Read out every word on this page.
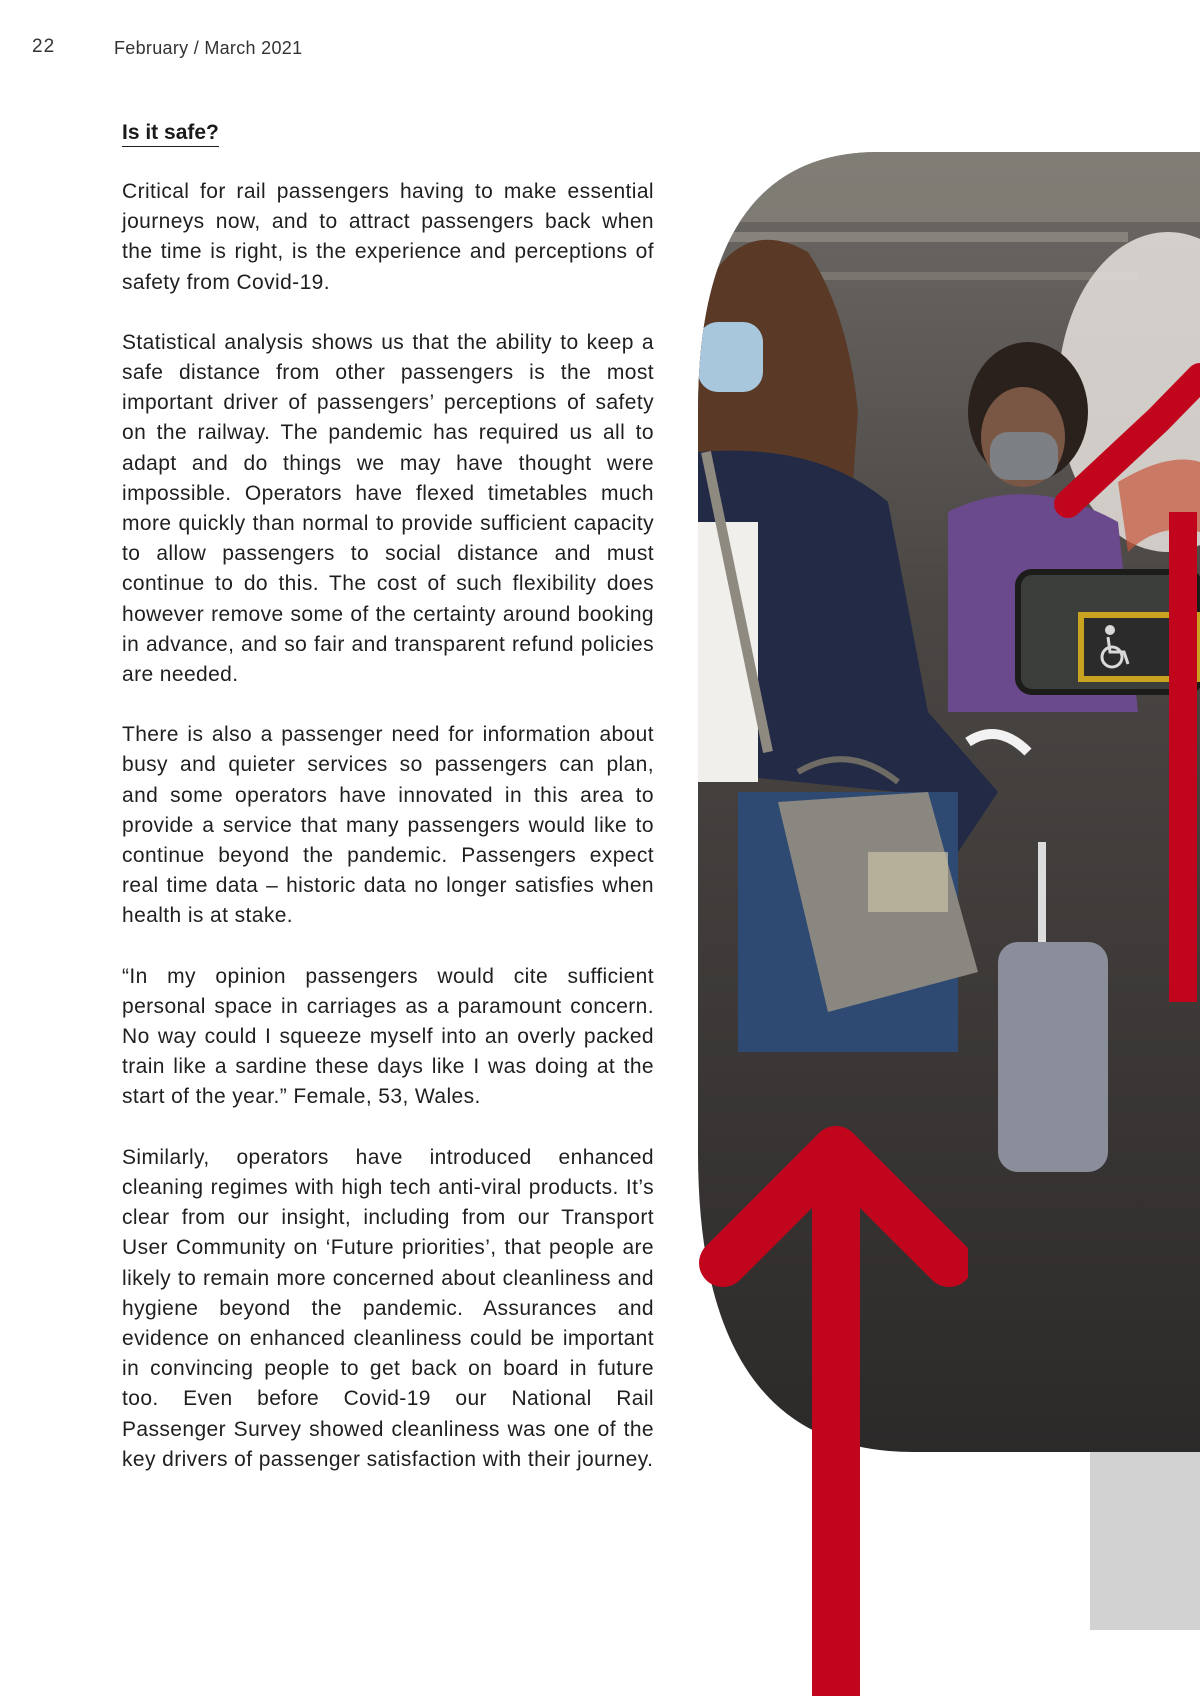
22	February / March 2021
Is it safe?

Critical for rail passengers having to make essential journeys now, and to attract passengers back when the time is right, is the experience and perceptions of safety from Covid-19.

Statistical analysis shows us that the ability to keep a safe distance from other passengers is the most important driver of passengers’ perceptions of safety on the railway. The pandemic has required us all to adapt and do things we may have thought were impossible. Operators have flexed timetables much more quickly than normal to provide sufficient capacity to allow passengers to social distance and must continue to do this. The cost of such flexibility does however remove some of the certainty around booking in advance, and so fair and transparent refund policies are needed.

There is also a passenger need for information about busy and quieter services so passengers can plan, and some operators have innovated in this area to provide a service that many passengers would like to continue beyond the pandemic. Passengers expect real time data – historic data no longer satisfies when health is at stake.

“In my opinion passengers would cite sufficient personal space in carriages as a paramount concern. No way could I squeeze myself into an overly packed train like a sardine these days like I was doing at the start of the year.” Female, 53, Wales.

Similarly, operators have introduced enhanced cleaning regimes with high tech anti-viral products. It’s clear from our insight, including from our Transport User Community on ‘Future priorities’, that people are likely to remain more concerned about cleanliness and hygiene beyond the pandemic. Assurances and evidence on enhanced cleanliness could be important in convincing people to get back on board in future too. Even before Covid-19 our National Rail Passenger Survey showed cleanliness was one of the key drivers of passenger satisfaction with their journey.
